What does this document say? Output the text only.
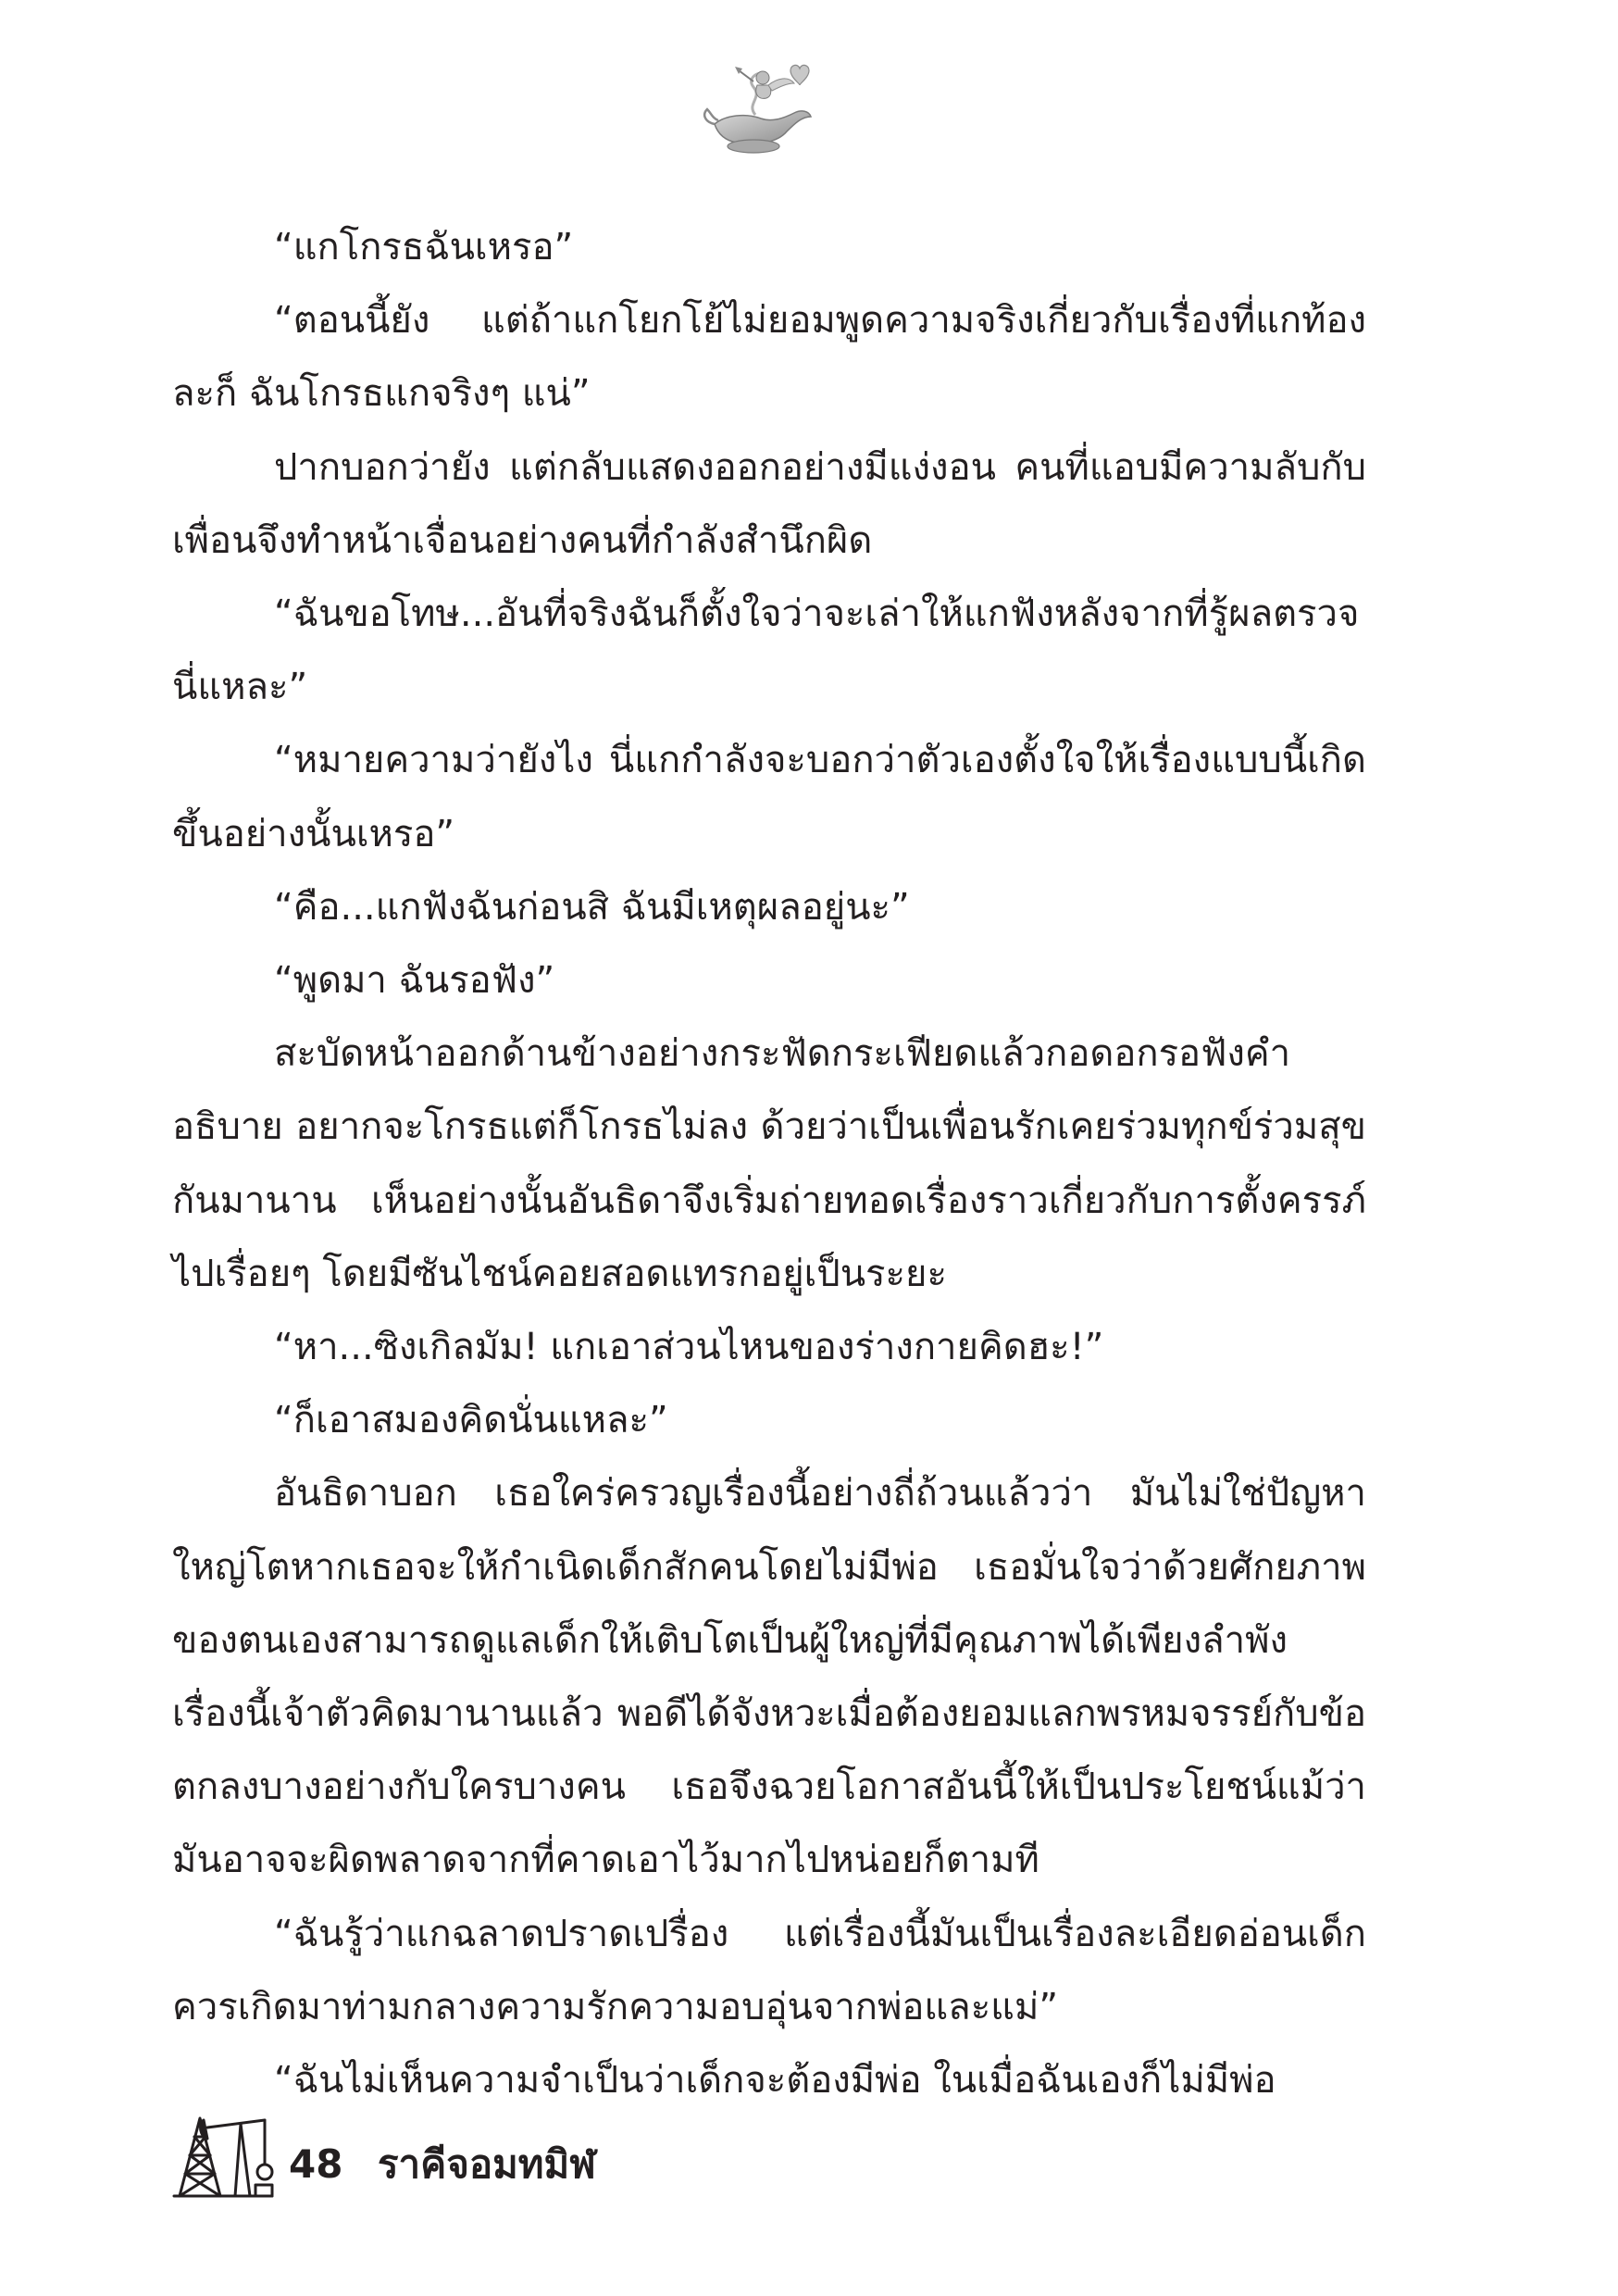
“แกโกรธฉันเหรอ”

“ตอนนี้ยัง แต่ถ้าแกโยกโย้ไม่ยอมพูดความจริงเกี่ยวกับเรื่องที่แกท้องละก็ ฉันโกรธแกจริงๆ แน่”

ปากบอกว่ายัง แต่กลับแสดงออกอย่างมีแง่งอน คนที่แอบมีความลับกับเพื่อนจึงทำหน้าเจื่อนอย่างคนที่กำลังสำนึกผิด

“ฉันขอโทษ...อันที่จริงฉันก็ตั้งใจว่าจะเล่าให้แกฟังหลังจากที่รู้ผลตรวจนี่แหละ”

“หมายความว่ายังไง นี่แกกำลังจะบอกว่าตัวเองตั้งใจให้เรื่องแบบนี้เกิดขึ้นอย่างนั้นเหรอ”

“คือ...แกฟังฉันก่อนสิ ฉันมีเหตุผลอยู่นะ”

“พูดมา ฉันรอฟัง”

สะบัดหน้าออกด้านข้างอย่างกระฟัดกระเฟียดแล้วกอดอกรอฟังคำอธิบาย อยากจะโกรธแต่ก็โกรธไม่ลง ด้วยว่าเป็นเพื่อนรักเคยร่วมทุกข์ร่วมสุขกันมานาน เห็นอย่างนั้นอันธิดาจึงเริ่มถ่ายทอดเรื่องราวเกี่ยวกับการตั้งครรภ์ไปเรื่อยๆ โดยมีซันไชน์คอยสอดแทรกอยู่เป็นระยะ

“หา...ซิงเกิลมัม! แกเอาส่วนไหนของร่างกายคิดฮะ!”

“ก็เอาสมองคิดนั่นแหละ”

อันธิดาบอก เธอใคร่ครวญเรื่องนี้อย่างถี่ถ้วนแล้วว่า มันไม่ใช่ปัญหาใหญ่โตหากเธอจะให้กำเนิดเด็กสักคนโดยไม่มีพ่อ เธอมั่นใจว่าด้วยศักยภาพของตนเองสามารถดูแลเด็กให้เติบโตเป็นผู้ใหญ่ที่มีคุณภาพได้เพียงลำพัง เรื่องนี้เจ้าตัวคิดมานานแล้ว พอดีได้จังหวะเมื่อต้องยอมแลกพรหมจรรย์กับข้อตกลงบางอย่างกับใครบางคน เธอจึงฉวยโอกาสอันนี้ให้เป็นประโยชน์แม้ว่ามันอาจจะผิดพลาดจากที่คาดเอาไว้มากไปหน่อยก็ตามที

“ฉันรู้ว่าแกฉลาดปราดเปรื่อง แต่เรื่องนี้มันเป็นเรื่องละเอียดอ่อนเด็กควรเกิดมาท่ามกลางความรักความอบอุ่นจากพ่อและแม่”

“ฉันไม่เห็นความจำเป็นว่าเด็กจะต้องมีพ่อ ในเมื่อฉันเองก็ไม่มีพ่อ

48 ราคีจอมทมิฬ
